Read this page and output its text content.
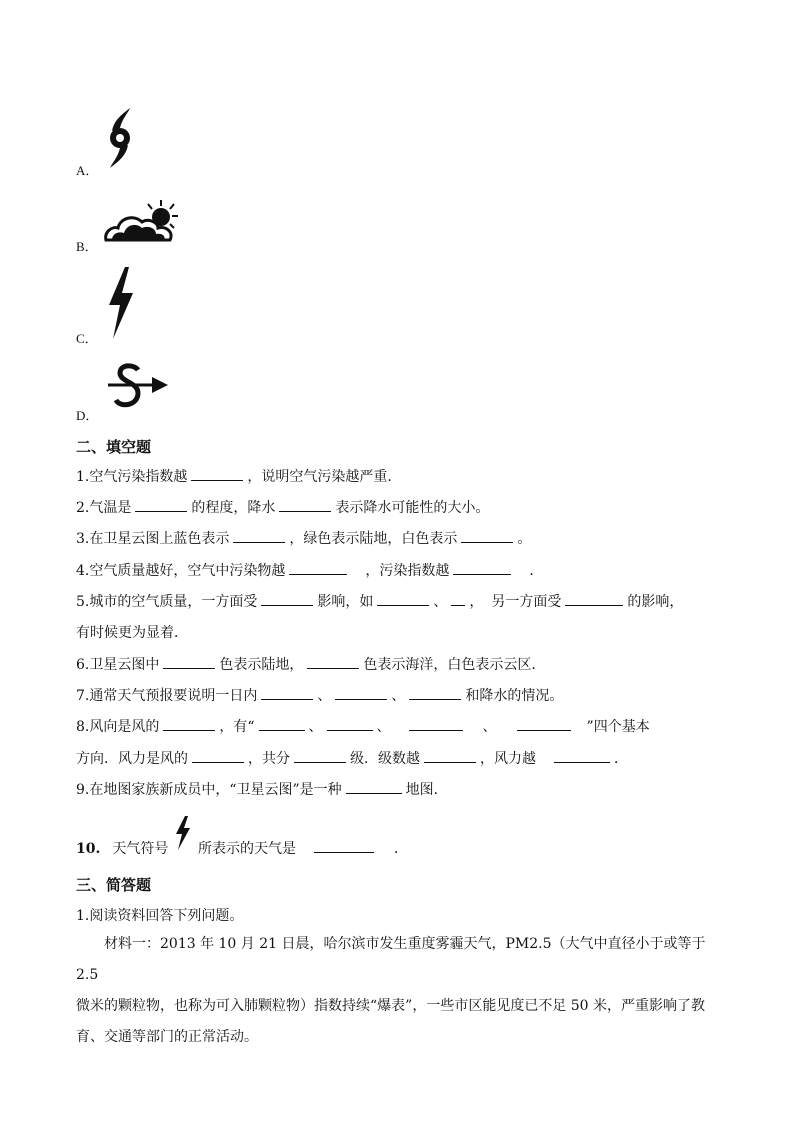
A．
B．
C．
D．
二、填空题
1.空气污染指数越	，说明空气污染越严重．
2.气温是	的程度，降水	表示降水可能性的大小。
3.在卫星云图上蓝色表示	，绿色表示陆地，白色表示	。
4.空气质量越好，空气中污染物越	，污染指数越	．
5.城市的空气质量，一方面受	影响，如	、 ， 另一方面受	的影响，
有时候更为显着．
6.卫星云图中	色表示陆地，	色表示海洋，白色表示云区．
7.通常天气预报要说明一日内	、	、	和降水的情况。
8.风向是风的	，有“	、	、	、	”四个基本
方向．风力是风的	，共分	级．级数越	，风力越	．
9.在地图家族新成员中，“卫星云图”是一种	地图．
10. 天气符号 所表示的天气是	．
三、简答题
1.阅读资料回答下列问题。
材料一：2013 年 10 月 21 日晨，哈尔滨市发生重度雾霾天气，PM2.5（大气中直径小于或等于 2.5
微米的颗粒物，也称为可入肺颗粒物）指数持续“爆表”，一些市区能见度已不足 50 米，严重影响了教
育、交通等部门的正常活动。
